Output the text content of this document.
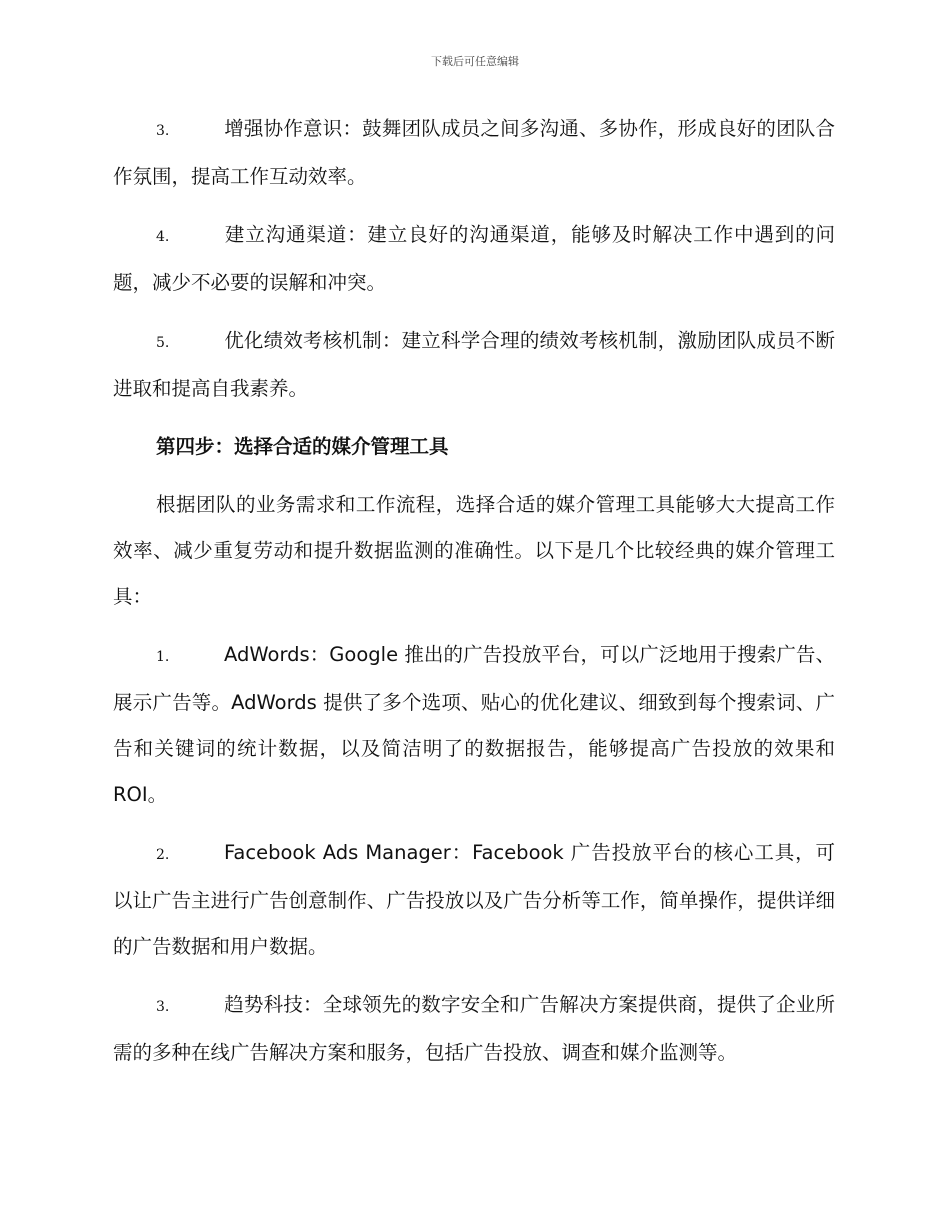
下载后可任意编辑

3.	增强协作意识：鼓舞团队成员之间多沟通、多协作，形成良好的团队合作氛围，提高工作互动效率。

4.	建立沟通渠道：建立良好的沟通渠道，能够及时解决工作中遇到的问题，减少不必要的误解和冲突。

5.	优化绩效考核机制：建立科学合理的绩效考核机制，激励团队成员不断进取和提高自我素养。

第四步：选择合适的媒介管理工具

根据团队的业务需求和工作流程，选择合适的媒介管理工具能够大大提高工作效率、减少重复劳动和提升数据监测的准确性。以下是几个比较经典的媒介管理工具：

1.	AdWords：Google 推出的广告投放平台，可以广泛地用于搜索广告、展示广告等。AdWords 提供了多个选项、贴心的优化建议、细致到每个搜索词、广告和关键词的统计数据，以及简洁明了的数据报告，能够提高广告投放的效果和 ROI。

2.	Facebook Ads Manager：Facebook 广告投放平台的核心工具，可以让广告主进行广告创意制作、广告投放以及广告分析等工作，简单操作，提供详细的广告数据和用户数据。

3.	趋势科技：全球领先的数字安全和广告解决方案提供商，提供了企业所需的多种在线广告解决方案和服务，包括广告投放、调查和媒介监测等。
